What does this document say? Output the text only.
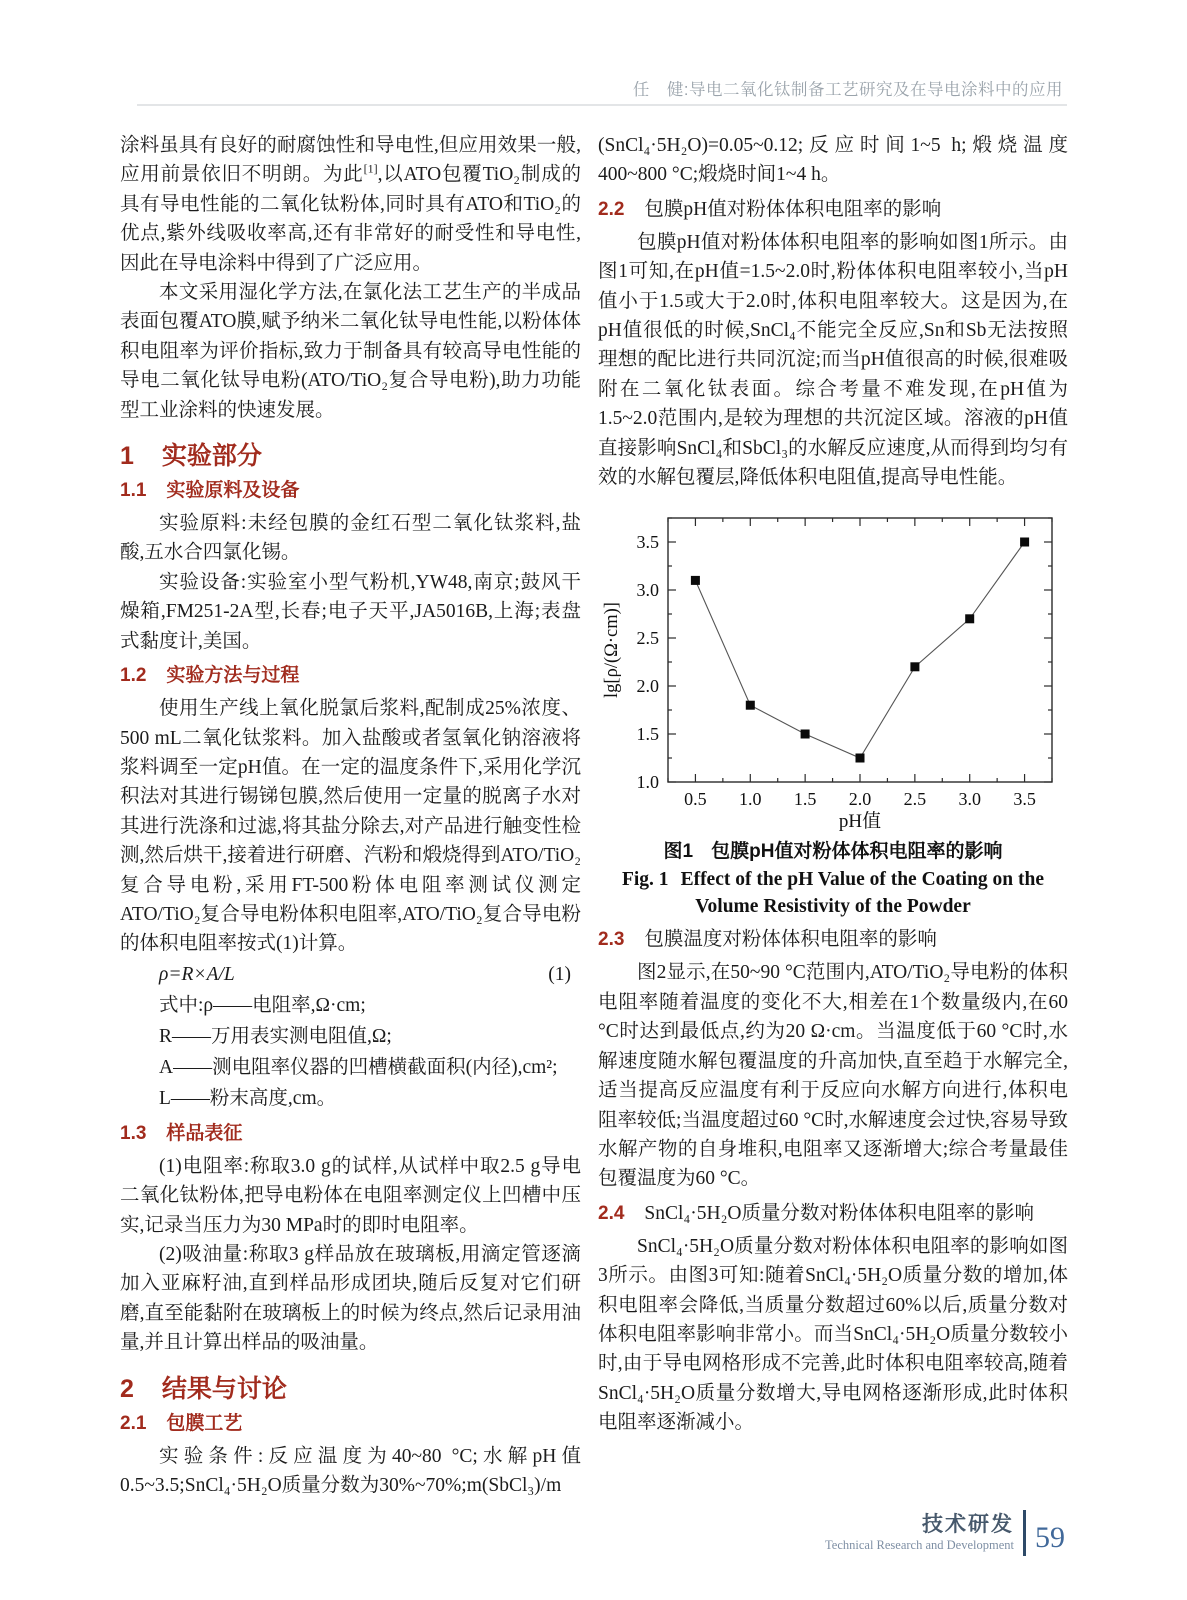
任　健:导电二氧化钛制备工艺研究及在导电涂料中的应用

涂料虽具有良好的耐腐蚀性和导电性,但应用效果一般,应用前景依旧不明朗。为此[1],以ATO包覆TiO₂制成的具有导电性能的二氧化钛粉体,同时具有ATO和TiO₂的优点,紫外线吸收率高,还有非常好的耐受性和导电性,因此在导电涂料中得到了广泛应用。

本文采用湿化学方法,在氯化法工艺生产的半成品表面包覆ATO膜,赋予纳米二氧化钛导电性能,以粉体体积电阻率为评价指标,致力于制备具有较高导电性能的导电二氧化钛导电粉(ATO/TiO₂复合导电粉),助力功能型工业涂料的快速发展。

1 实验部分
1.1 实验原料及设备

实验原料:未经包膜的金红石型二氧化钛浆料,盐酸,五水合四氯化锡。

实验设备:实验室小型气粉机,YW48,南京;鼓风干燥箱,FM251-2A型,长春;电子天平,JA5016B,上海;表盘式黏度计,美国。

1.2 实验方法与过程

使用生产线上氧化脱氯后浆料,配制成25%浓度、500 mL二氧化钛浆料。加入盐酸或者氢氧化钠溶液将浆料调至一定pH值。在一定的温度条件下,采用化学沉积法对其进行锡锑包膜,然后使用一定量的脱离子水对其进行洗涤和过滤,将其盐分除去,对产品进行触变性检测,然后烘干,接着进行研磨、汽粉和煅烧得到ATO/TiO₂复合导电粉,采用FT-500粉体电阻率测试仪测定ATO/TiO₂复合导电粉体积电阻率,ATO/TiO₂复合导电粉的体积电阻率按式(1)计算。

ρ=R×A/L	(1)

式中:ρ——电阻率,Ω·cm;

R——万用表实测电阻值,Ω;

A——测电阻率仪器的凹槽横截面积(内径),cm²;

L——粉末高度,cm。

1.3 样品表征

(1)电阻率:称取3.0 g的试样,从试样中取2.5 g导电二氧化钛粉体,把导电粉体在电阻率测定仪上凹槽中压实,记录当压力为30 MPa时的即时电阻率。

(2)吸油量:称取3 g样品放在玻璃板,用滴定管逐滴加入亚麻籽油,直到样品形成团块,随后反复对它们研磨,直至能黏附在玻璃板上的时候为终点,然后记录用油量,并且计算出样品的吸油量。

2 结果与讨论
2.1 包膜工艺

实验条件:反应温度为40~80 °C;水解pH值0.5~3.5;SnCl₄·5H₂O质量分数为30%~70%;m(SbCl₃)/m

(SnCl₄·5H₂O)=0.05~0.12;反应时间1~5 h;煅烧温度400~800 °C;煅烧时间1~4 h。

2.2 包膜pH值对粉体体积电阻率的影响

包膜pH值对粉体体积电阻率的影响如图1所示。由图1可知,在pH值=1.5~2.0时,粉体体积电阻率较小,当pH值小于1.5或大于2.0时,体积电阻率较大。这是因为,在pH值很低的时候,SnCl₄不能完全反应,Sn和Sb无法按照理想的配比进行共同沉淀;而当pH值很高的时候,很难吸附在二氧化钛表面。综合考量不难发现,在pH值为1.5~2.0范围内,是较为理想的共沉淀区域。溶液的pH值直接影响SnCl₄和SbCl₃的水解反应速度,从而得到均匀有效的水解包覆层,降低体积电阻值,提高导电性能。

0.5 1.0 1.5 2.0 2.5 3.0 3.5
1.0
1.5
2.0
2.5
3.0
3.5
lg[ρ/(Ω·cm)]
pH值
图1 包膜pH值对粉体体积电阻率的影响
Fig. 1 Effect of the pH Value of the Coating on the Volume Resistivity of the Powder
2.3 包膜温度对粉体体积电阻率的影响

图2显示,在50~90 °C范围内,ATO/TiO₂导电粉的体积电阻率随着温度的变化不大,相差在1个数量级内,在60 °C时达到最低点,约为20 Ω·cm。当温度低于60 °C时,水解速度随水解包覆温度的升高加快,直至趋于水解完全,适当提高反应温度有利于反应向水解方向进行,体积电阻率较低;当温度超过60 °C时,水解速度会过快,容易导致水解产物的自身堆积,电阻率又逐渐增大;综合考量最佳包覆温度为60 °C。

2.4 SnCl₄·5H₂O质量分数对粉体体积电阻率的影响

SnCl₄·5H₂O质量分数对粉体体积电阻率的影响如图3所示。由图3可知:随着SnCl₄·5H₂O质量分数的增加,体积电阻率会降低,当质量分数超过60%以后,质量分数对体积电阻率影响非常小。而当SnCl₄·5H₂O质量分数较小时,由于导电网格形成不完善,此时体积电阻率较高,随着SnCl₄·5H₂O质量分数增大,导电网格逐渐形成,此时体积电阻率逐渐减小。

技术研发
Technical Research and Development 59
